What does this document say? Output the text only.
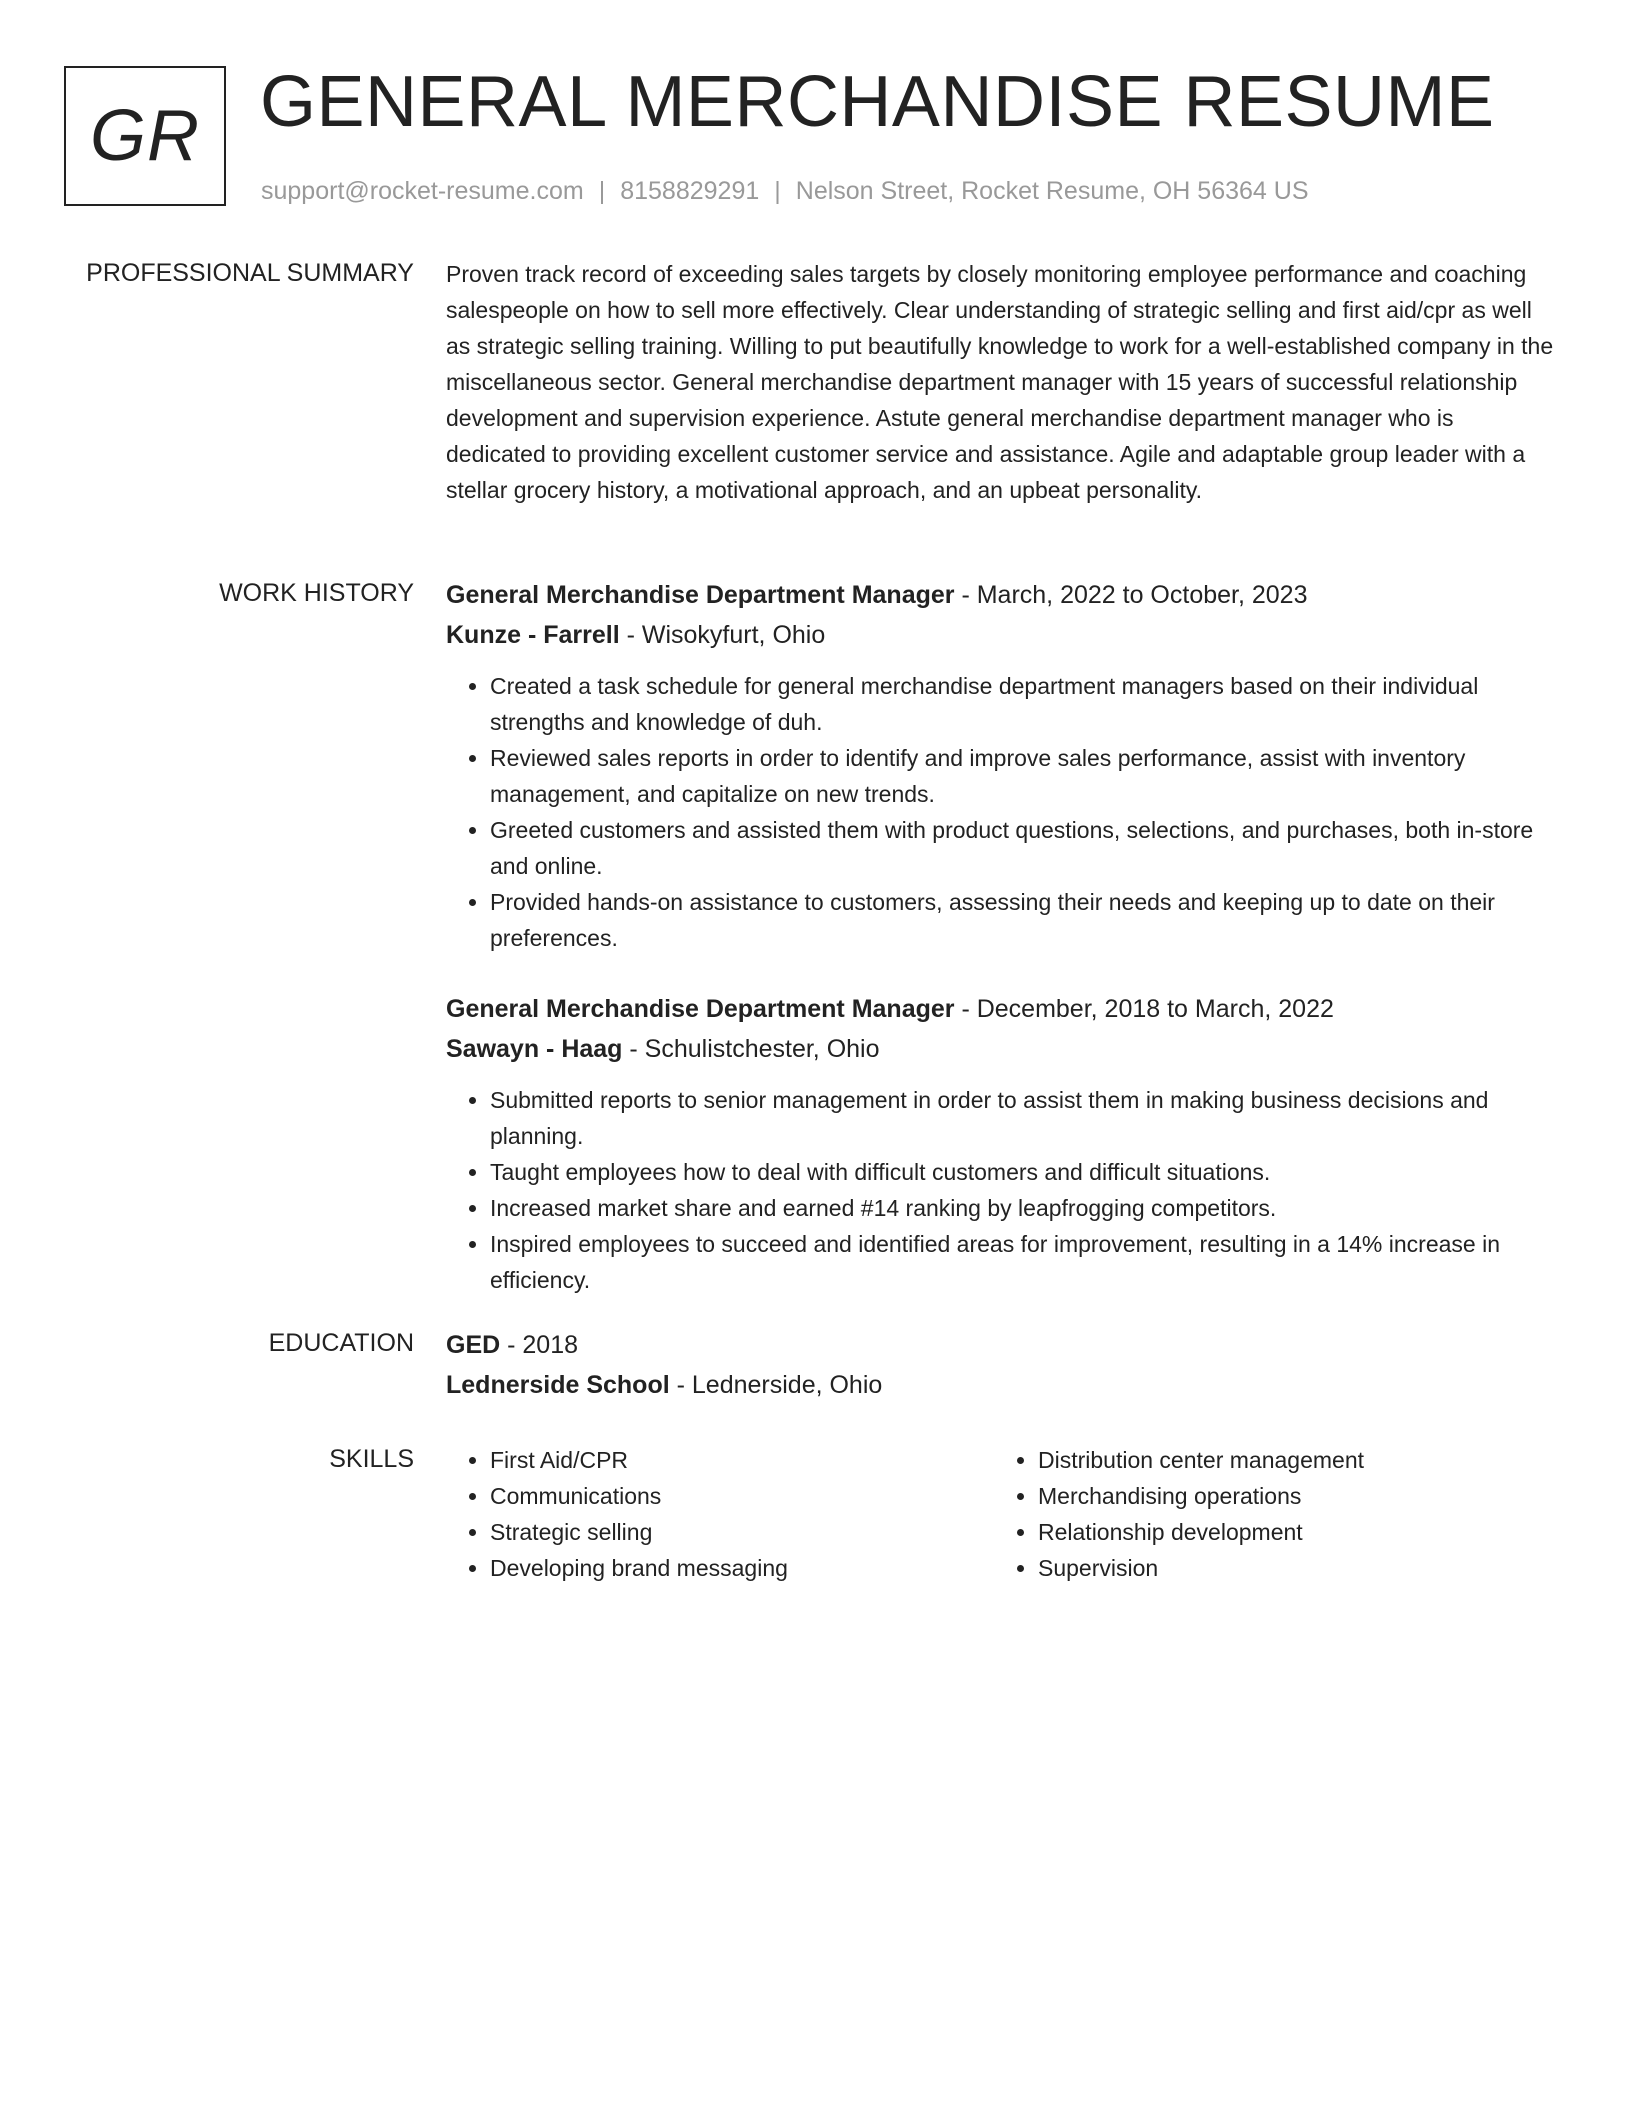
GR GENERAL MERCHANDISE RESUME
support@rocket-resume.com | 8158829291 | Nelson Street, Rocket Resume, OH 56364 US
PROFESSIONAL SUMMARY Proven track record of exceeding sales targets by closely monitoring employee performance and coaching salespeople on how to sell more effectively. Clear understanding of strategic selling and first aid/cpr as well as strategic selling training. Willing to put beautifully knowledge to work for a well-established company in the miscellaneous sector. General merchandise department manager with 15 years of successful relationship development and supervision experience. Astute general merchandise department manager who is dedicated to providing excellent customer service and assistance. Agile and adaptable group leader with a stellar grocery history, a motivational approach, and an upbeat personality.

WORK HISTORY General Merchandise Department Manager - March, 2022 to October, 2023

Kunze - Farrell - Wisokyfurt, Ohio

• Created a task schedule for general merchandise department managers based on their individual strengths and knowledge of duh.
• Reviewed sales reports in order to identify and improve sales performance, assist with inventory management, and capitalize on new trends.
• Greeted customers and assisted them with product questions, selections, and purchases, both in-store and online.
• Provided hands-on assistance to customers, assessing their needs and keeping up to date on their preferences.

General Merchandise Department Manager - December, 2018 to March, 2022

Sawayn - Haag - Schulistchester, Ohio

• Submitted reports to senior management in order to assist them in making business decisions and planning.
• Taught employees how to deal with difficult customers and difficult situations.
• Increased market share and earned #14 ranking by leapfrogging competitors.
• Inspired employees to succeed and identified areas for improvement, resulting in a 14% increase in efficiency.
EDUCATION GED - 2018

Lednerside School - Lednerside, Ohio

SKILLS
•	First Aid/CPR
• Communications
• Strategic selling
• Developing brand messaging
• Distribution center management
• Merchandising operations
• Relationship development
• Supervision
